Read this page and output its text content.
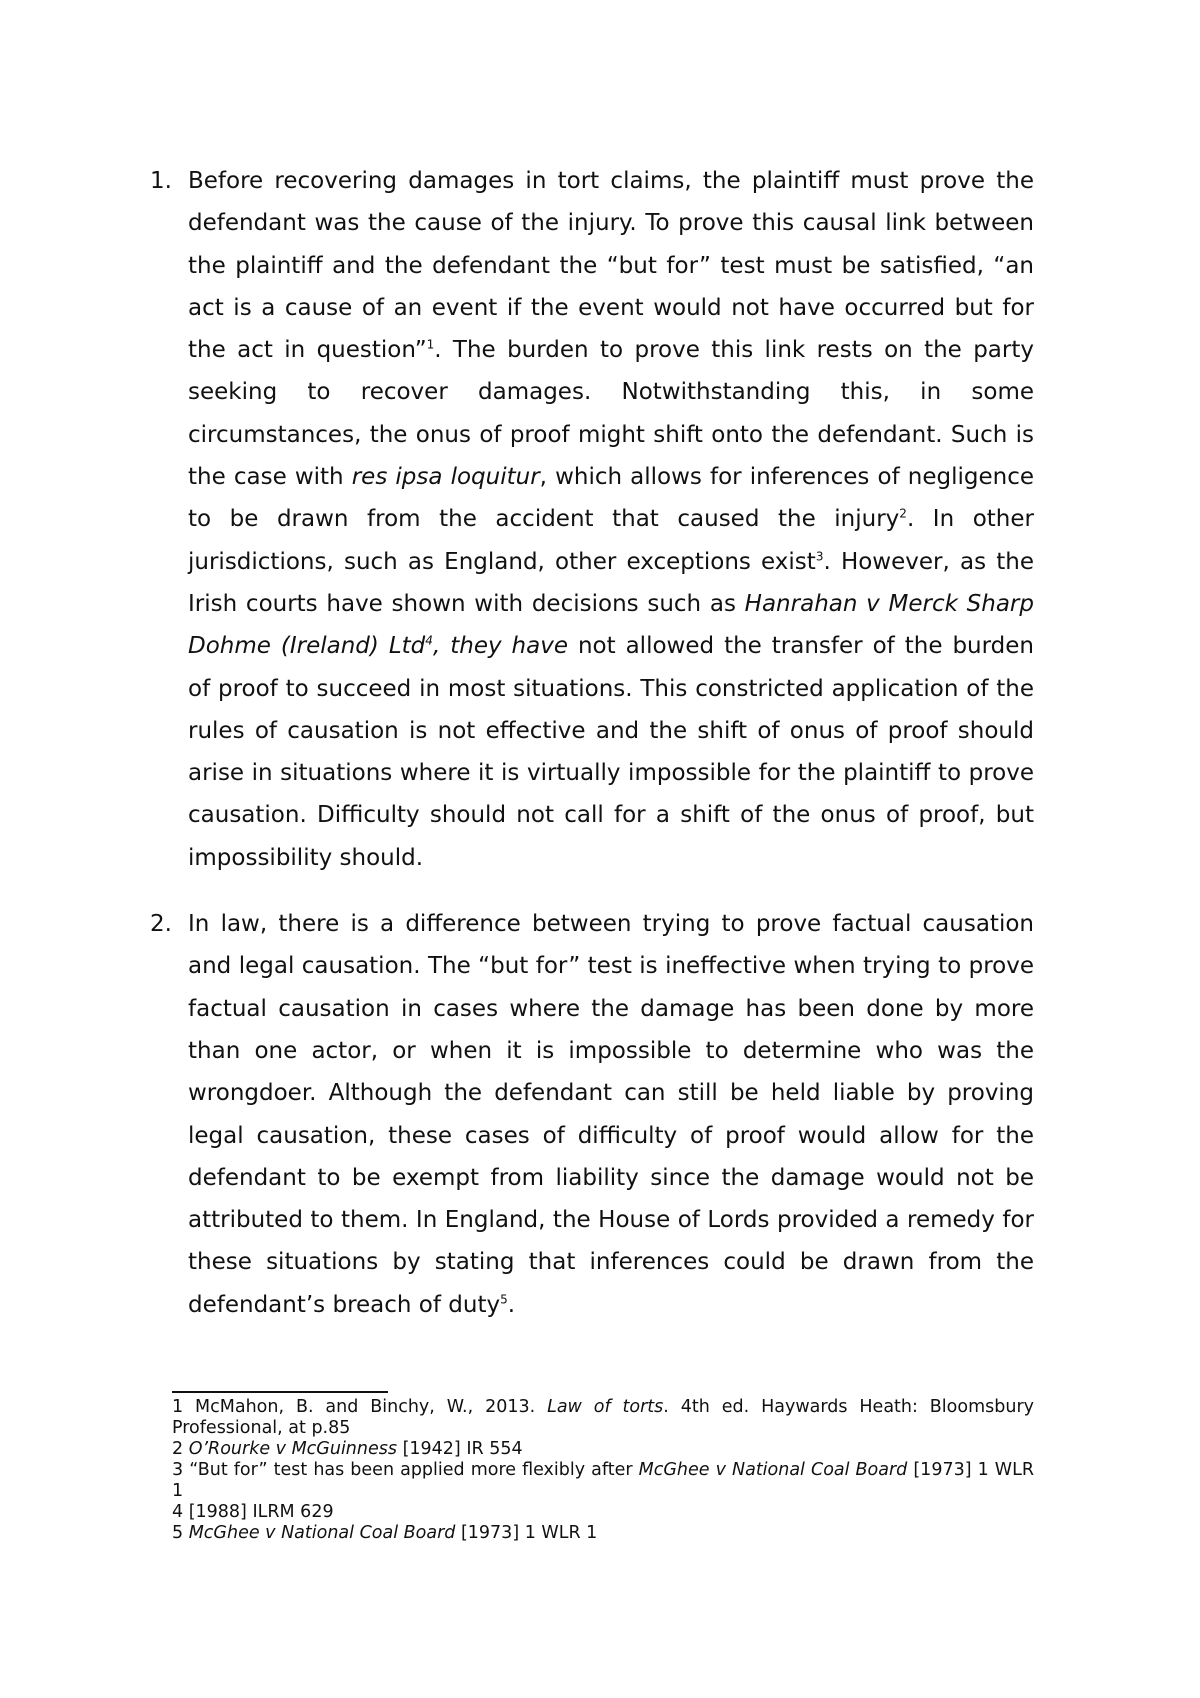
1. Before recovering damages in tort claims, the plaintiff must prove the defendant was the cause of the injury. To prove this causal link between the plaintiff and the defendant the “but for” test must be satisfied, “an act is a cause of an event if the event would not have occurred but for the act in question”$^1$. The burden to prove this link rests on the party seeking to recover damages. Notwithstanding this, in some circumstances, the onus of proof might shift onto the defendant. Such is the case with res ipsa loquitur, which allows for inferences of negligence to be drawn from the accident that caused the injury$^2$. In other jurisdictions, such as England, other exceptions exist$^3$. However, as the Irish courts have shown with decisions such as Hanrahan v Merck Sharp Dohme (Ireland) Ltd$^4$, they have not allowed the transfer of the burden of proof to succeed in most situations. This constricted application of the rules of causation is not effective and the shift of onus of proof should arise in situations where it is virtually impossible for the plaintiff to prove causation. Difficulty should not call for a shift of the onus of proof, but impossibility should.
2. In law, there is a difference between trying to prove factual causation and legal causation. The “but for” test is ineffective when trying to prove factual causation in cases where the damage has been done by more than one actor, or when it is impossible to determine who was the wrongdoer. Although the defendant can still be held liable by proving legal causation, these cases of difficulty of proof would allow for the defendant to be exempt from liability since the damage would not be attributed to them. In England, the House of Lords provided a remedy for these situations by stating that inferences could be drawn from the defendant’s breach of duty$^5$.
1 McMahon, B. and Binchy, W., 2013. Law of torts. 4th ed. Haywards Heath: Bloomsbury Professional, at p.85
2 O’Rourke v McGuinness [1942] IR 554
3 “But for” test has been applied more flexibly after McGhee v National Coal Board [1973] 1 WLR 1
4 [1988] ILRM 629
5 McGhee v National Coal Board [1973] 1 WLR 1
